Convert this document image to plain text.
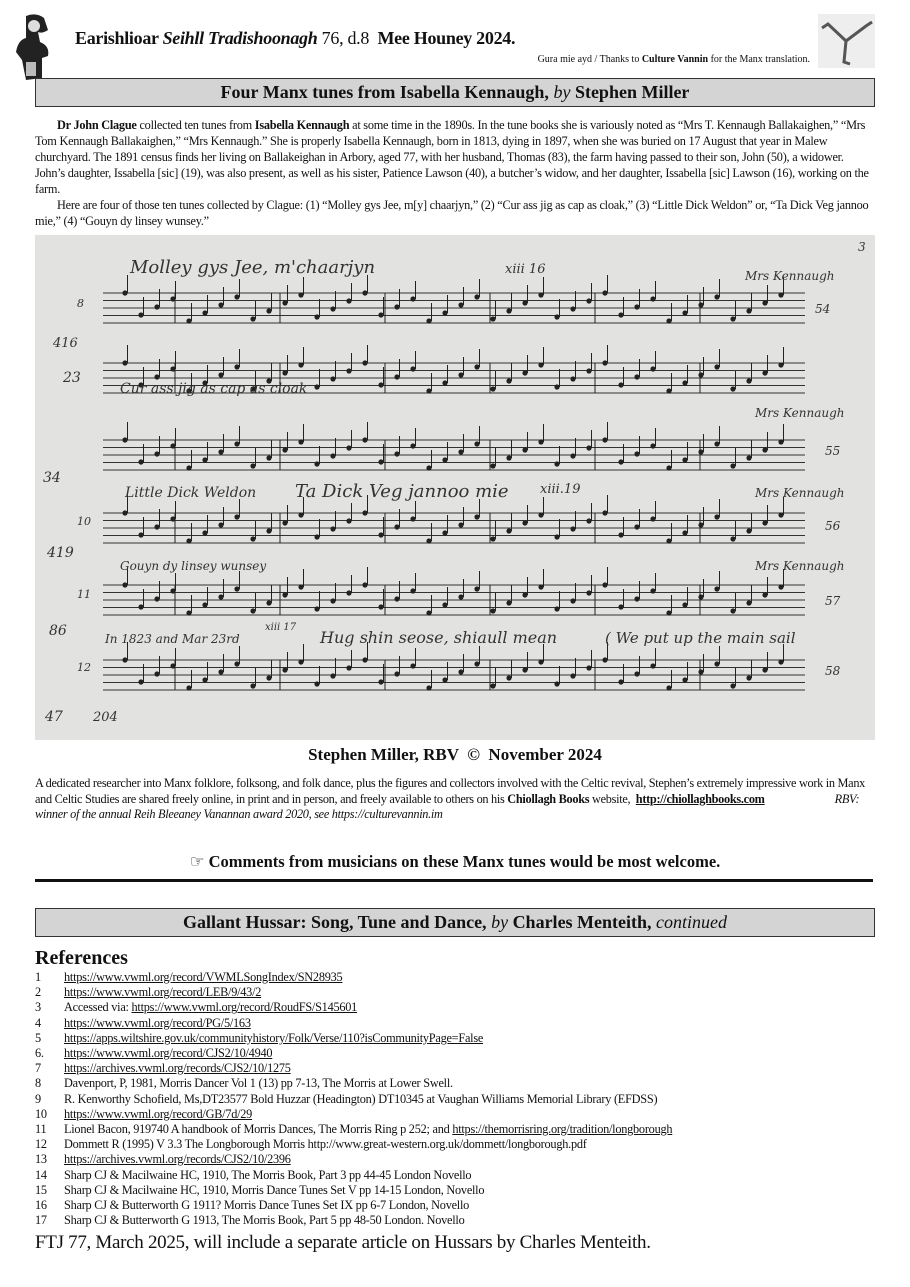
Earishlioar Seihll Tradishoonagh 76, d.8  Mee Houney 2024.
Gura mie ayd / Thanks to Culture Vannin for the Manx translation.
Four Manx tunes from Isabella Kennaugh, by Stephen Miller

Dr John Clague collected ten tunes from Isabella Kennaugh at some time in the 1890s. In the tune books she is variously noted as “Mrs T. Kennaugh Ballakaighen,” “Mrs Tom Kennaugh Ballakaighen,” “Mrs Kennaugh.” She is properly Isabella Kennaugh, born in 1813, dying in 1897, when she was buried on 17 August that year in Malew churchyard. The 1891 census finds her living on Ballakeighan in Arbory, aged 77, with her husband, Thomas (83), the farm having passed to their son, John (50), a widower. John’s daughter, Issabella [sic] (19), was also present, as well as his sister, Patience Lawson (40), a butcher’s widow, and her daughter, Issabella [sic] Lawson (16), working on the farm.

Here are four of those ten tunes collected by Clague: (1) “Molley gys Jee, m[y] chaarjyn,” (2) “Cur ass jig as cap as cloak,” (3) “Little Dick Weldon” or, “Ta Dick Veg jannoo mie,” (4) “Gouyn dy linsey wunsey.”

Molley gys Jee, m'chaarjyn	xiii 16	Mrs Kennaugh
54
Cur ass jig as cap as cloak
Mrs Kennaugh
55
Little Dick Weldon Ta Dick Veg jannoo mie xiii.19	Mrs Kennaugh
56
Gouyn dy linsey wunsey	Mrs Kennaugh
57
In 1823 and Mar 23rd
xiii 17
Hug shin seose, shiaull mean	( We put up the main sail
58
3
8
10
11
12
416
23
34
419
86
47 204
Stephen Miller, RBV  ©  November 2024
A dedicated researcher into Manx folklore, folksong, and folk dance, plus the figures and collectors involved with the Celtic revival, Stephen’s extremely impressive work in Manx and Celtic Studies are shared freely online, in print and in person, and freely available to others on his Chiollagh Books website,  http://chiollaghbooks.com	RBV: winner of the annual Reih Bleeaney Vanannan award 2020, see https://culturevannin.im
☞ Comments from musicians on these Manx tunes would be most welcome.
Gallant Hussar: Song, Tune and Dance, by Charles Menteith, continued
References
1	https://www.vwml.org/record/VWMLSongIndex/SN28935
2	https://www.vwml.org/record/LEB/9/43/2
3	Accessed via: https://www.vwml.org/record/RoudFS/S145601
4	https://www.vwml.org/record/PG/5/163
5	https://apps.wiltshire.gov.uk/communityhistory/Folk/Verse/110?isCommunityPage=False
6.	https://www.vwml.org/record/CJS2/10/4940
7	https://archives.vwml.org/records/CJS2/10/1275
8	Davenport, P, 1981, Morris Dancer Vol 1 (13) pp 7-13, The Morris at Lower Swell.
9	R. Kenworthy Schofield, Ms,DT23577 Bold Huzzar (Headington) DT10345 at Vaughan Williams Memorial Library (EFDSS)
10	https://www.vwml.org/record/GB/7d/29
11	Lionel Bacon, 919740 A handbook of Morris Dances, The Morris Ring p 252; and https://themorrisring.org/tradition/longborough
12	Dommett R (1995) V 3.3 The Longborough Morris http://www.great-western.org.uk/dommett/longborough.pdf
13	https://archives.vwml.org/records/CJS2/10/2396
14	Sharp CJ & Macilwaine HC, 1910, The Morris Book, Part 3 pp 44-45 London Novello
15	Sharp CJ & Macilwaine HC, 1910, Morris Dance Tunes Set V pp 14-15 London, Novello
16	Sharp CJ & Butterworth G 1911? Morris Dance Tunes Set IX pp 6-7 London, Novello
17	Sharp CJ & Butterworth G 1913, The Morris Book, Part 5 pp 48-50 London. Novello
FTJ 77, March 2025, will include a separate article on Hussars by Charles Menteith.
